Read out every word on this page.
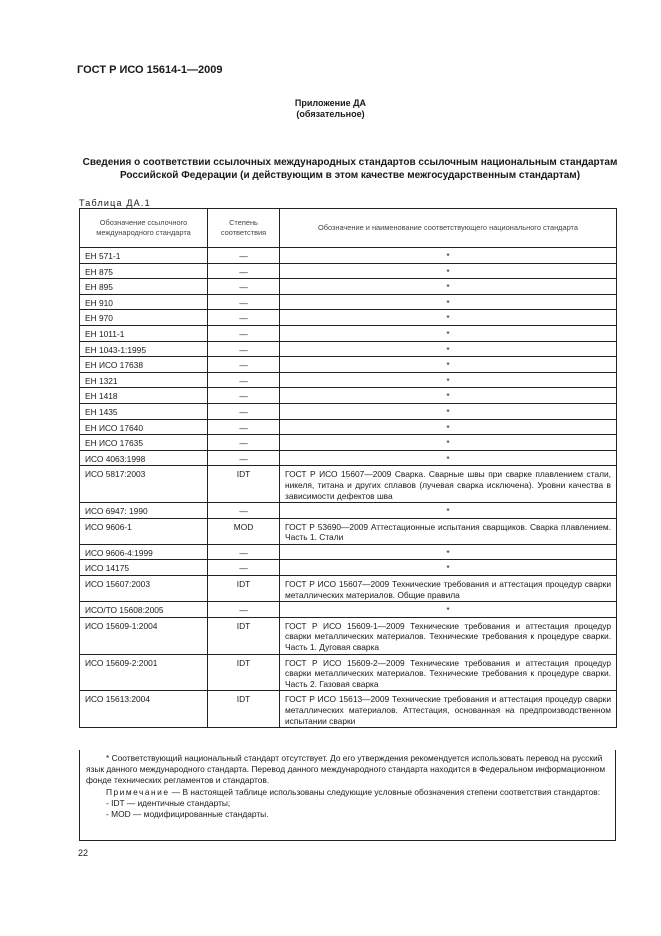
ГОСТ Р ИСО 15614-1—2009
Приложение ДА
(обязательное)
Сведения о соответствии ссылочных международных стандартов ссылочным национальным стандартам Российской Федерации (и действующим в этом качестве межгосударственным стандартам)
Таблица ДА.1
Обозначение ссылочного международного стандарта	Степень соответствия	Обозначение и наименование соответствующего национального стандарта
ЕН 571-1	—	*
ЕН 875	—	*
ЕН 895	—	*
ЕН 910	—	*
ЕН 970	—	*
ЕН 1011-1	—	*
ЕН 1043-1:1995	—	*
ЕН ИСО 17638	—	*
ЕН 1321	—	*
ЕН 1418	—	*
ЕН 1435	—	*
ЕН ИСО 17640	—	*
ЕН ИСО 17635	—	*
ИСО 4063:1998	—	*
ИСО 5817:2003	IDT	ГОСТ Р ИСО 15607—2009 Сварка. Сварные швы при сварке плавлением стали, никеля, титана и других сплавов (лучевая сварка исключена). Уровни качества в зависимости дефектов шва
ИСО 6947: 1990	—	*
ИСО 9606-1	MOD	ГОСТ Р 53690—2009 Аттестационные испытания сварщиков. Сварка плавлением. Часть 1. Стали
ИСО 9606-4:1999	—	*
ИСО 14175	—	*
ИСО 15607:2003	IDT	ГОСТ Р ИСО 15607—2009 Технические требования и аттестация процедур сварки металлических материалов. Общие правила
ИСО/ТО 15608:2005	—	*
ИСО 15609-1:2004	IDT	ГОСТ Р ИСО 15609-1—2009 Технические требования и аттестация процедур сварки металлических материалов. Технические требования к процедуре сварки. Часть 1. Дуговая сварка
ИСО 15609-2:2001	IDT	ГОСТ Р ИСО 15609-2—2009 Технические требования и аттестация процедур сварки металлических материалов. Технические требования к процедуре сварки. Часть 2. Газовая сварка
ИСО 15613:2004	IDT	ГОСТ Р ИСО 15613—2009 Технические требования и аттестация процедур сварки металлических материалов. Аттестация, основанная на предпроизводственном испытании сварки

* Соответствующий национальный стандарт отсутствует. До его утверждения рекомендуется использовать перевод на русский язык данного международного стандарта. Перевод данного международного стандарта находится в Федеральном информационном фонде технических регламентов и стандартов.

Примечание — В настоящей таблице использованы следующие условные обозначения степени соответствия стандартов:

- IDT — идентичные стандарты;

- MOD — модифицированные стандарты.

22
